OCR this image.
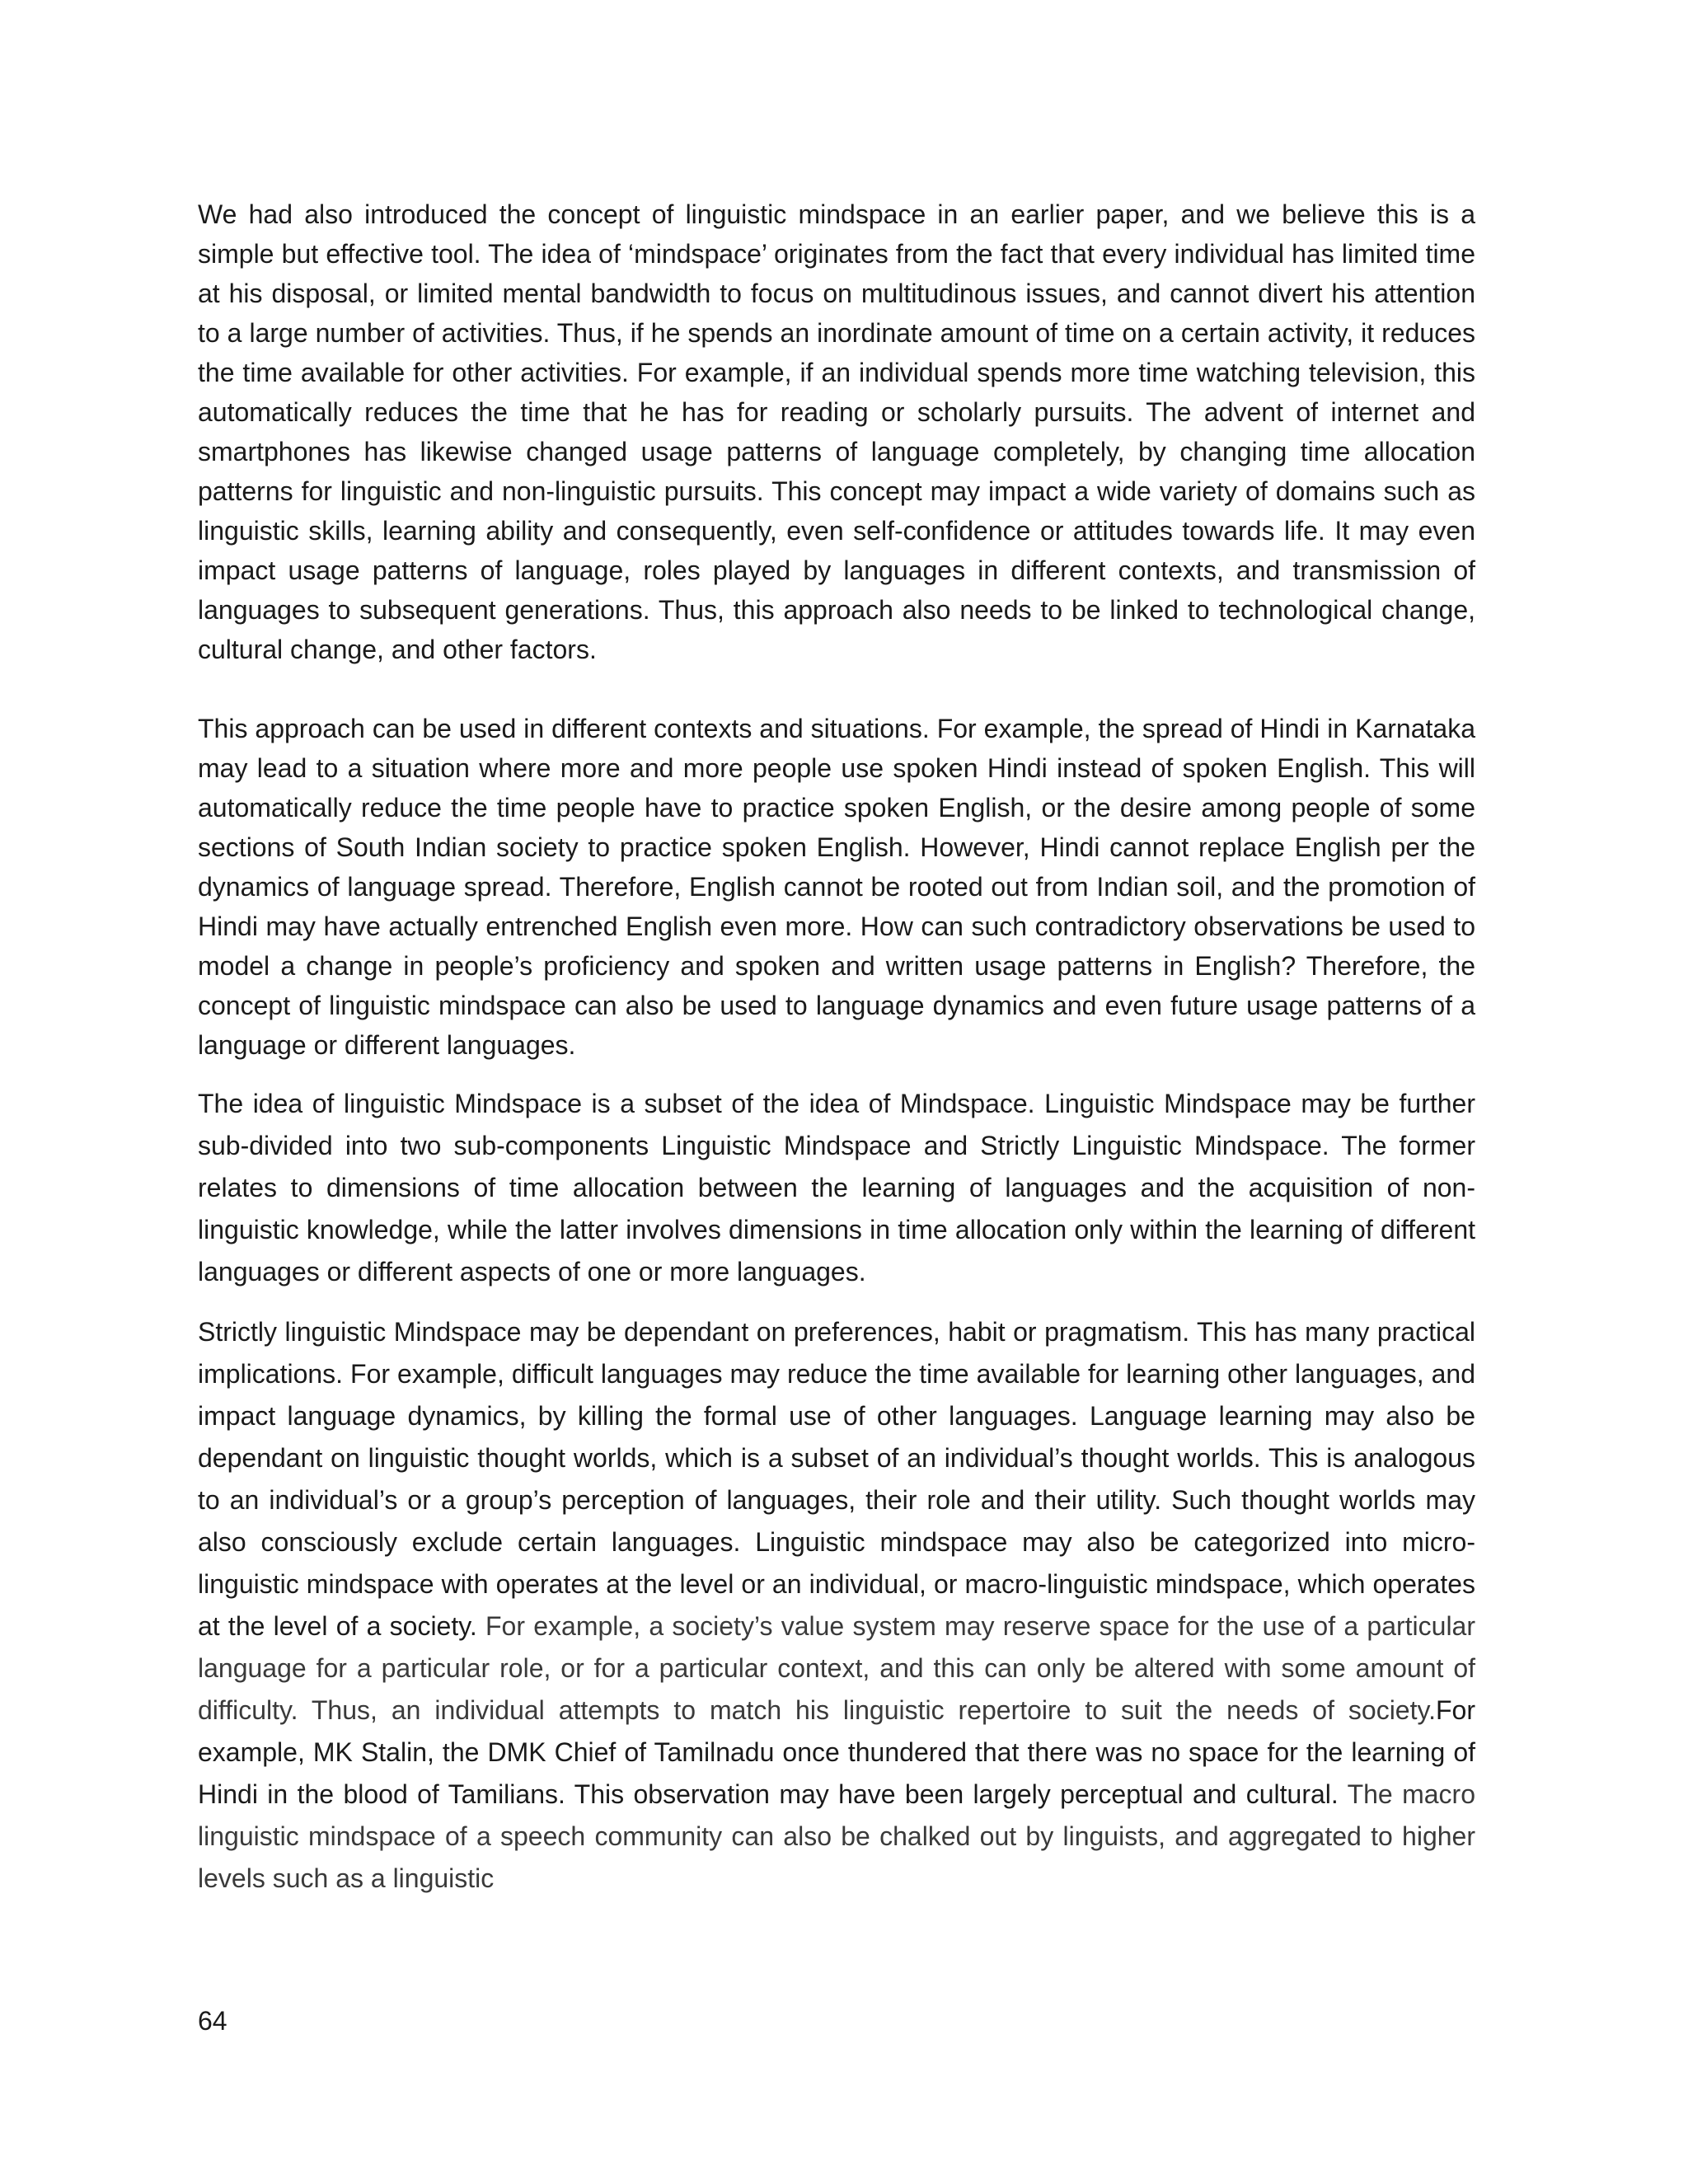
We had also introduced the concept of linguistic mindspace in an earlier paper, and we believe this is a simple but effective tool. The idea of ‘mindspace’ originates from the fact that every individual has limited time at his disposal, or limited mental bandwidth to focus on multitudinous issues, and cannot divert his attention to a large number of activities. Thus, if he spends an inordinate amount of time on a certain activity, it reduces the time available for other activities. For example, if an individual spends more time watching television, this automatically reduces the time that he has for reading or scholarly pursuits. The advent of internet and smartphones has likewise changed usage patterns of language completely, by changing time allocation patterns for linguistic and non-linguistic pursuits. This concept may impact a wide variety of domains such as linguistic skills, learning ability and consequently, even self-confidence or attitudes towards life. It may even impact usage patterns of language, roles played by languages in different contexts, and transmission of languages to subsequent generations. Thus, this approach also needs to be linked to technological change, cultural change, and other factors.

This approach can be used in different contexts and situations. For example, the spread of Hindi in Karnataka may lead to a situation where more and more people use spoken Hindi instead of spoken English. This will automatically reduce the time people have to practice spoken English, or the desire among people of some sections of South Indian society to practice spoken English. However, Hindi cannot replace English per the dynamics of language spread. Therefore, English cannot be rooted out from Indian soil, and the promotion of Hindi may have actually entrenched English even more. How can such contradictory observations be used to model a change in people’s proficiency and spoken and written usage patterns in English? Therefore, the concept of linguistic mindspace can also be used to language dynamics and even future usage patterns of a language or different languages.

The idea of linguistic Mindspace is a subset of the idea of Mindspace. Linguistic Mindspace may be further sub-divided into two sub-components Linguistic Mindspace and Strictly Linguistic Mindspace. The former relates to dimensions of time allocation between the learning of languages and the acquisition of non-linguistic knowledge, while the latter involves dimensions in time allocation only within the learning of different languages or different aspects of one or more languages.

Strictly linguistic Mindspace may be dependant on preferences, habit or pragmatism. This has many practical implications. For example, difficult languages may reduce the time available for learning other languages, and impact language dynamics, by killing the formal use of other languages. Language learning may also be dependant on linguistic thought worlds, which is a subset of an individual’s thought worlds. This is analogous to an individual’s or a group’s perception of languages, their role and their utility. Such thought worlds may also consciously exclude certain languages. Linguistic mindspace may also be categorized into micro-linguistic mindspace with operates at the level or an individual, or macro-linguistic mindspace, which operates at the level of a society. For example, a society’s value system may reserve space for the use of a particular language for a particular role, or for a particular context, and this can only be altered with some amount of difficulty. Thus, an individual attempts to match his linguistic repertoire to suit the needs of society.For example, MK Stalin, the DMK Chief of Tamilnadu once thundered that there was no space for the learning of Hindi in the blood of Tamilians. This observation may have been largely perceptual and cultural. The macro linguistic mindspace of a speech community can also be chalked out by linguists, and aggregated to higher levels such as a linguistic

64
